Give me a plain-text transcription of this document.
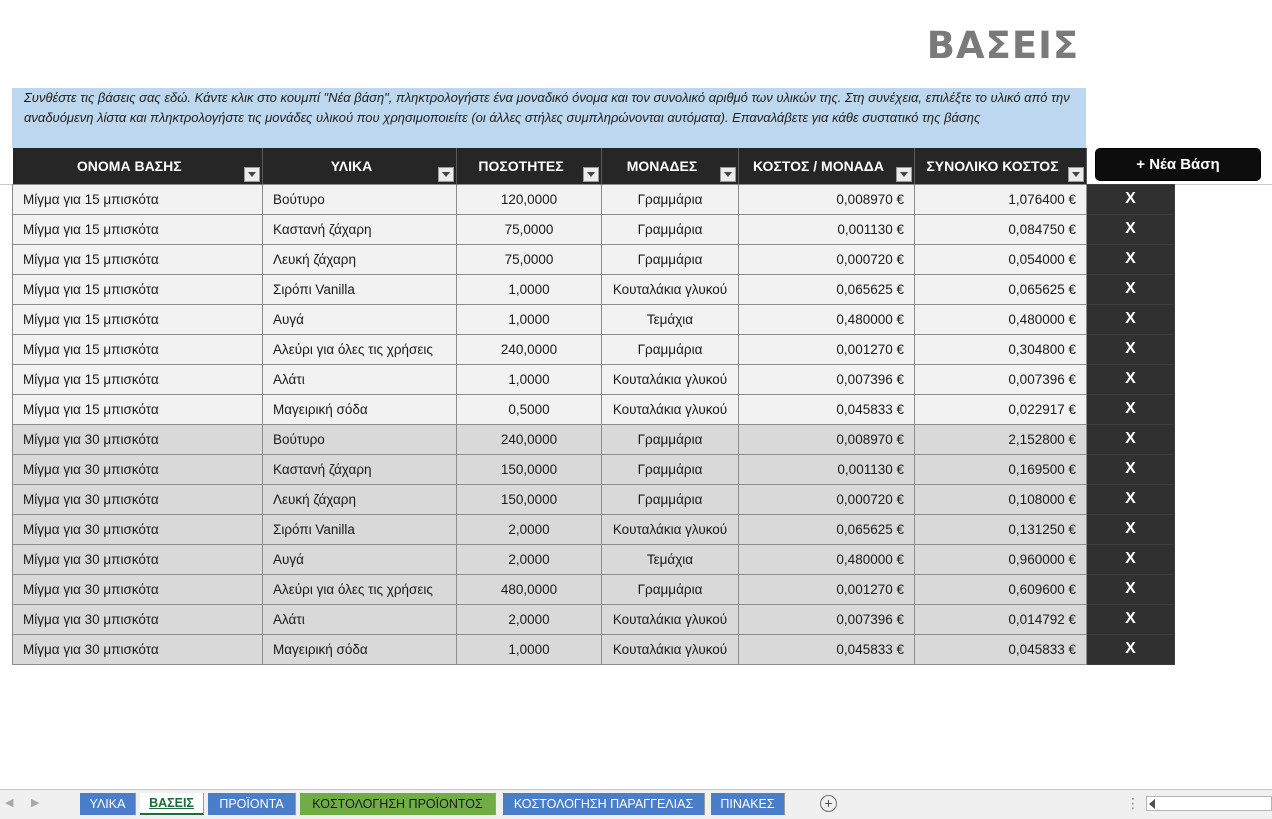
ΒΑΣΕΙΣ
Συνθέστε τις βάσεις σας εδώ. Κάντε κλικ στο κουμπί "Νέα βάση", πληκτρολογήστε ένα μοναδικό όνομα και τον συνολικό αριθμό των υλικών της. Στη συνέχεια, επιλέξτε το υλικό από την αναδυόμενη λίστα και πληκτρολογήστε τις μονάδες υλικού που χρησιμοποιείτε (οι άλλες στήλες συμπληρώνονται αυτόματα). Επαναλάβετε για κάθε συστατικό της βάσης
+ Νέα Βάση
ΟΝΟΜΑ ΒΑΣΗΣ	ΥΛΙΚΑ	ΠΟΣΟΤΗΤΕΣ	ΜΟΝΑΔΕΣ	ΚΟΣΤΟΣ / ΜΟΝΑΔΑ	ΣΥΝΟΛΙΚΟ ΚΟΣΤΟΣ

Μίγμα για 15 μπισκότα	Βούτυρο	120,0000	Γραμμάρια	0,008970 €	1,076400 €	X
Μίγμα για 15 μπισκότα	Καστανή ζάχαρη	75,0000	Γραμμάρια	0,001130 €	0,084750 €	X
Μίγμα για 15 μπισκότα	Λευκή ζάχαρη	75,0000	Γραμμάρια	0,000720 €	0,054000 €	X
Μίγμα για 15 μπισκότα	Σιρόπι Vanilla	1,0000	Κουταλάκια γλυκού	0,065625 €	0,065625 €	X
Μίγμα για 15 μπισκότα	Αυγά	1,0000	Τεμάχια	0,480000 €	0,480000 €	X
Μίγμα για 15 μπισκότα	Αλεύρι για όλες τις χρήσεις	240,0000	Γραμμάρια	0,001270 €	0,304800 €	X
Μίγμα για 15 μπισκότα	Αλάτι	1,0000	Κουταλάκια γλυκού	0,007396 €	0,007396 €	X
Μίγμα για 15 μπισκότα	Μαγειρική σόδα	0,5000	Κουταλάκια γλυκού	0,045833 €	0,022917 €	X
Μίγμα για 30 μπισκότα	Βούτυρο	240,0000	Γραμμάρια	0,008970 €	2,152800 €	X
Μίγμα για 30 μπισκότα	Καστανή ζάχαρη	150,0000	Γραμμάρια	0,001130 €	0,169500 €	X
Μίγμα για 30 μπισκότα	Λευκή ζάχαρη	150,0000	Γραμμάρια	0,000720 €	0,108000 €	X
Μίγμα για 30 μπισκότα	Σιρόπι Vanilla	2,0000	Κουταλάκια γλυκού	0,065625 €	0,131250 €	X
Μίγμα για 30 μπισκότα	Αυγά	2,0000	Τεμάχια	0,480000 €	0,960000 €	X
Μίγμα για 30 μπισκότα	Αλεύρι για όλες τις χρήσεις	480,0000	Γραμμάρια	0,001270 €	0,609600 €	X
Μίγμα για 30 μπισκότα	Αλάτι	2,0000	Κουταλάκια γλυκού	0,007396 €	0,014792 €	X
Μίγμα για 30 μπισκότα	Μαγειρική σόδα	1,0000	Κουταλάκια γλυκού	0,045833 €	0,045833 €	X
◀ ▶	ΥΛΙΚΑ	ΒΑΣΕΙΣ	ΠΡΟΪΟΝΤΑ	ΚΟΣΤΟΛΟΓΗΣΗ ΠΡΟΪΟΝΤΟΣ	ΚΟΣΤΟΛΟΓΗΣΗ ΠΑΡΑΓΓΕΛΙΑΣ	ΠΙΝΑΚΕΣ	+	⋮
